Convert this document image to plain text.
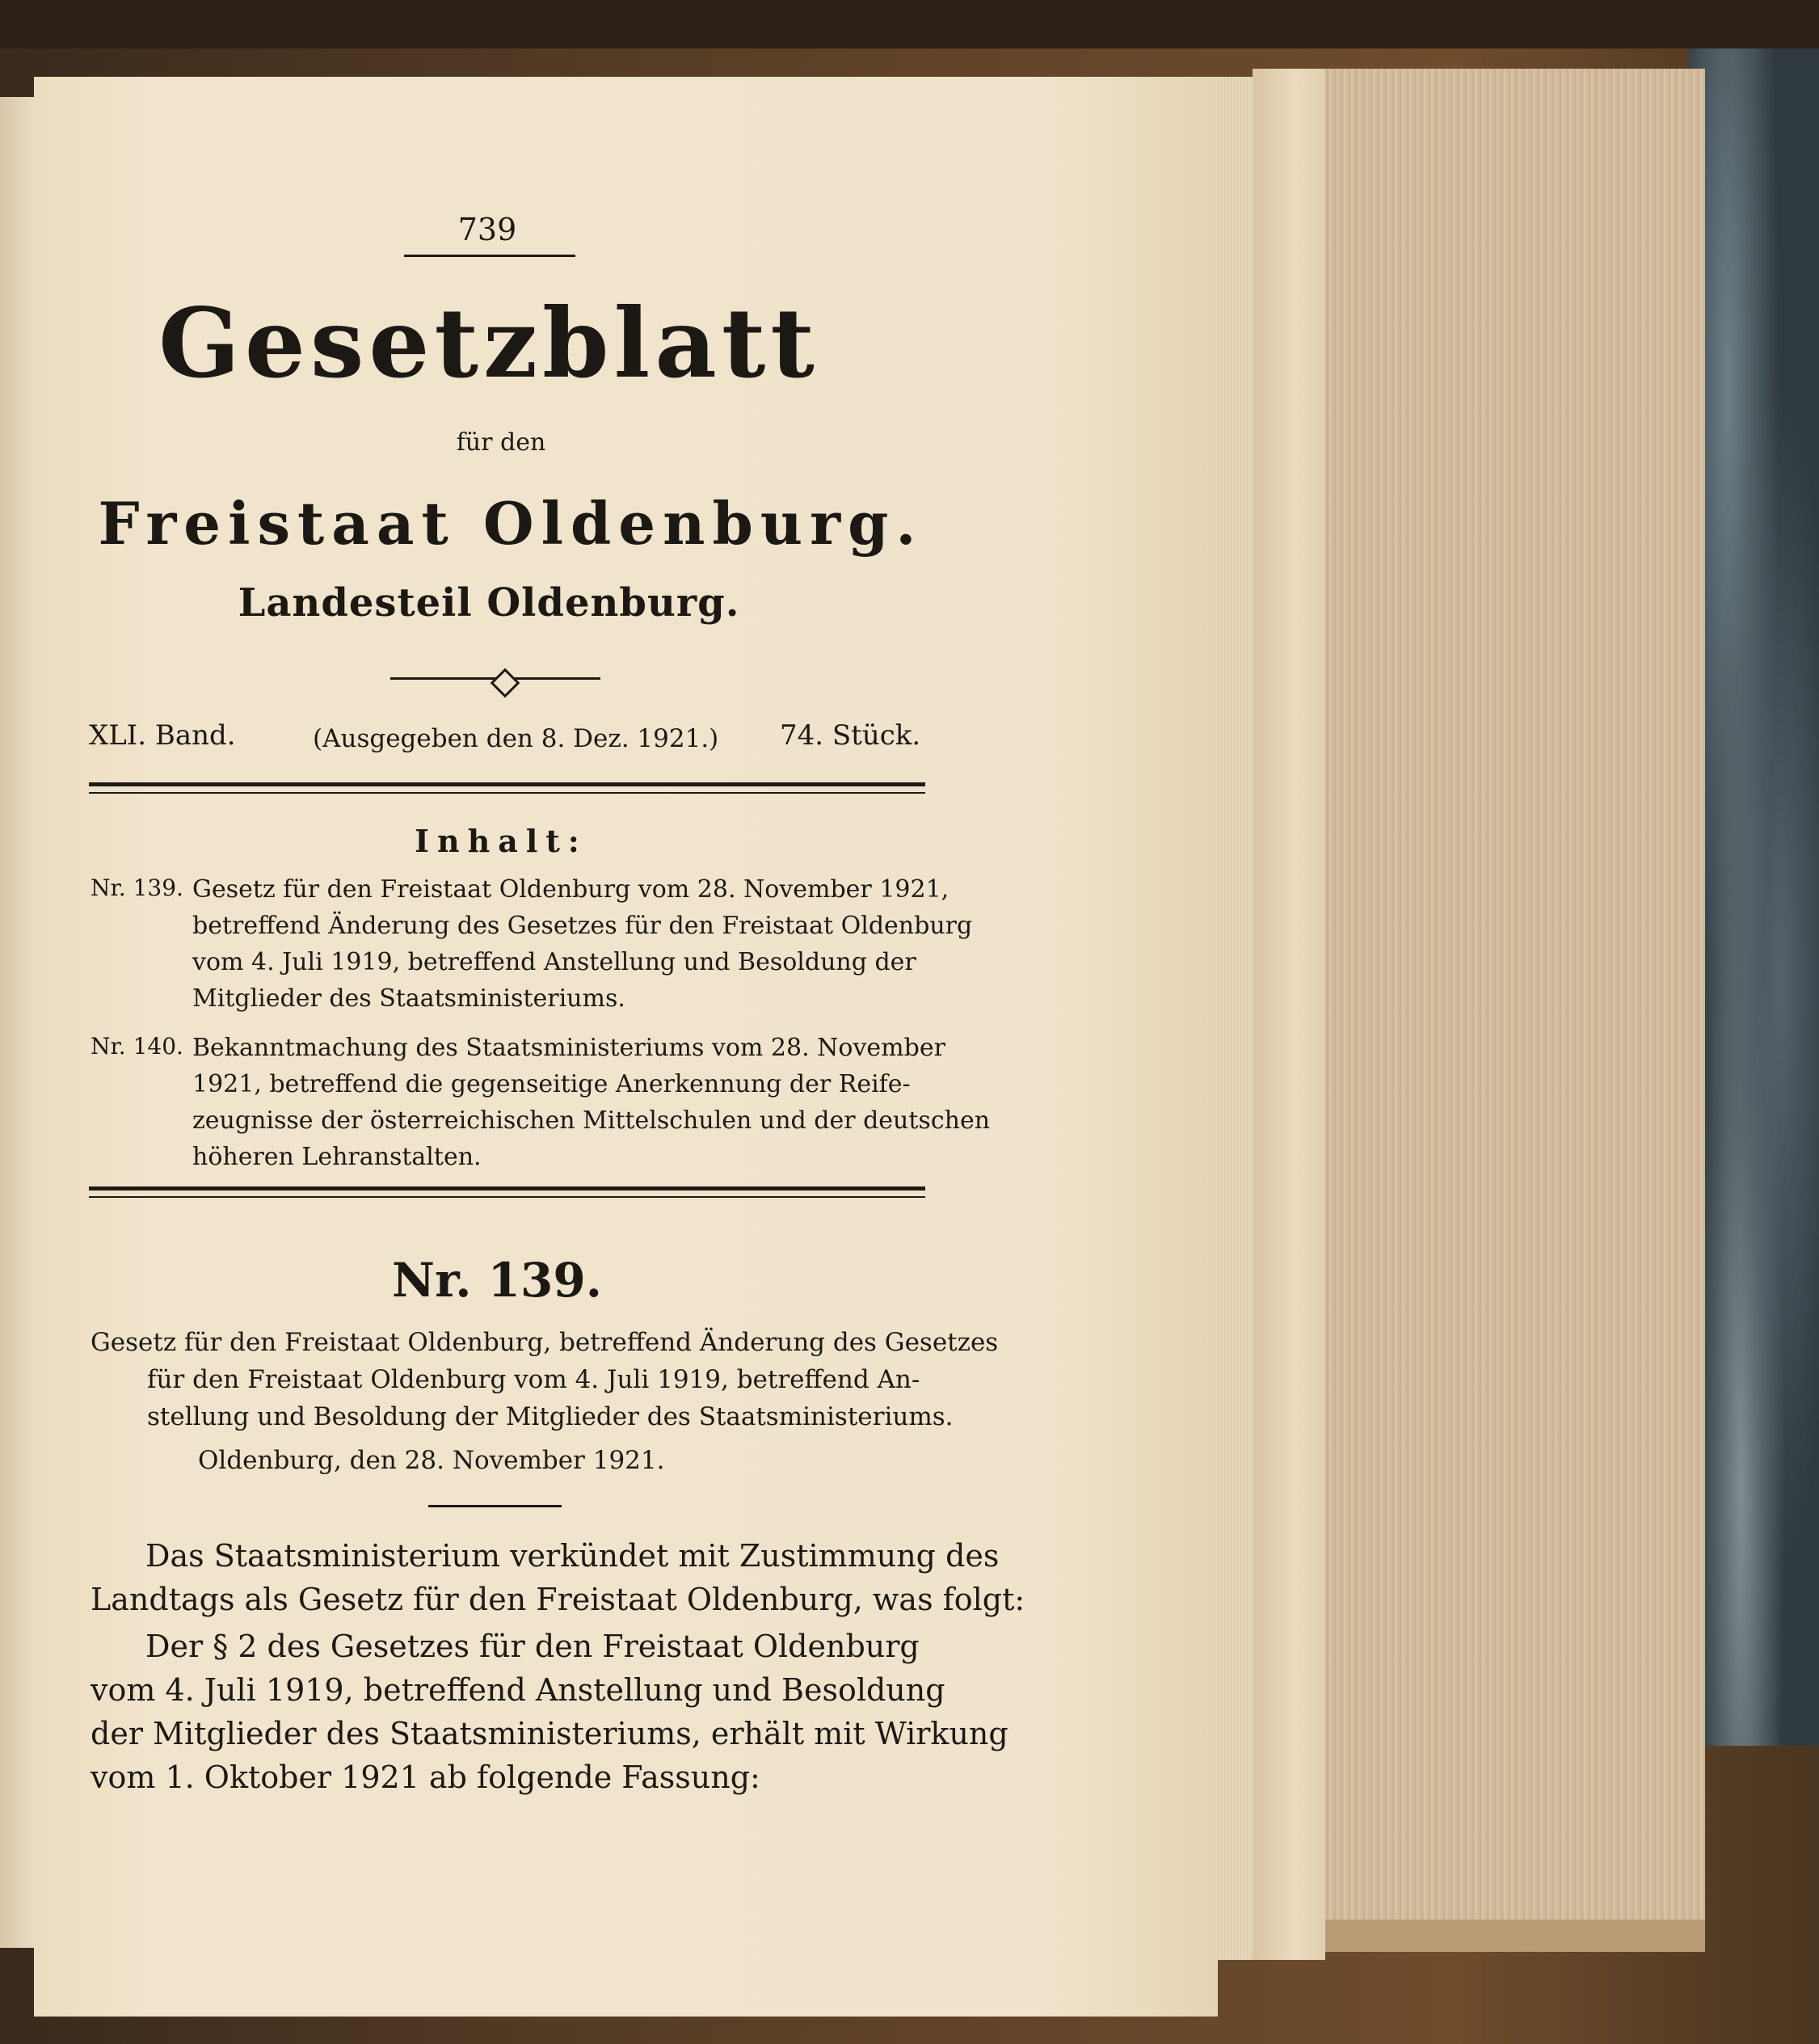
739

Gesetzblatt

für den

Freistaat Oldenburg.

Landesteil Oldenburg.

XLI. Band.	(Ausgegeben den 8. Dez. 1921.) 74. Stück.

Inhalt:

Nr. 139. Gesetz für den Freistaat Oldenburg vom 28. November 1921,

betreffend Änderung des Gesetzes für den Freistaat Oldenburg

vom 4. Juli 1919, betreffend Anstellung und Besoldung der

Mitglieder des Staatsministeriums.

Nr. 140. Bekanntmachung des Staatsministeriums vom 28. November

1921, betreffend die gegenseitige Anerkennung der Reife-

zeugnisse der österreichischen Mittelschulen und der deutschen

höheren Lehranstalten.

Nr. 139.

Gesetz für den Freistaat Oldenburg, betreffend Änderung des Gesetzes

für den Freistaat Oldenburg vom 4. Juli 1919, betreffend An-

stellung und Besoldung der Mitglieder des Staatsministeriums.

Oldenburg, den 28. November 1921.

Das Staatsministerium verkündet mit Zustimmung des

Landtags als Gesetz für den Freistaat Oldenburg, was folgt:

Der § 2 des Gesetzes für den Freistaat Oldenburg

vom 4. Juli 1919, betreffend Anstellung und Besoldung

der Mitglieder des Staatsministeriums, erhält mit Wirkung

vom 1. Oktober 1921 ab folgende Fassung:
